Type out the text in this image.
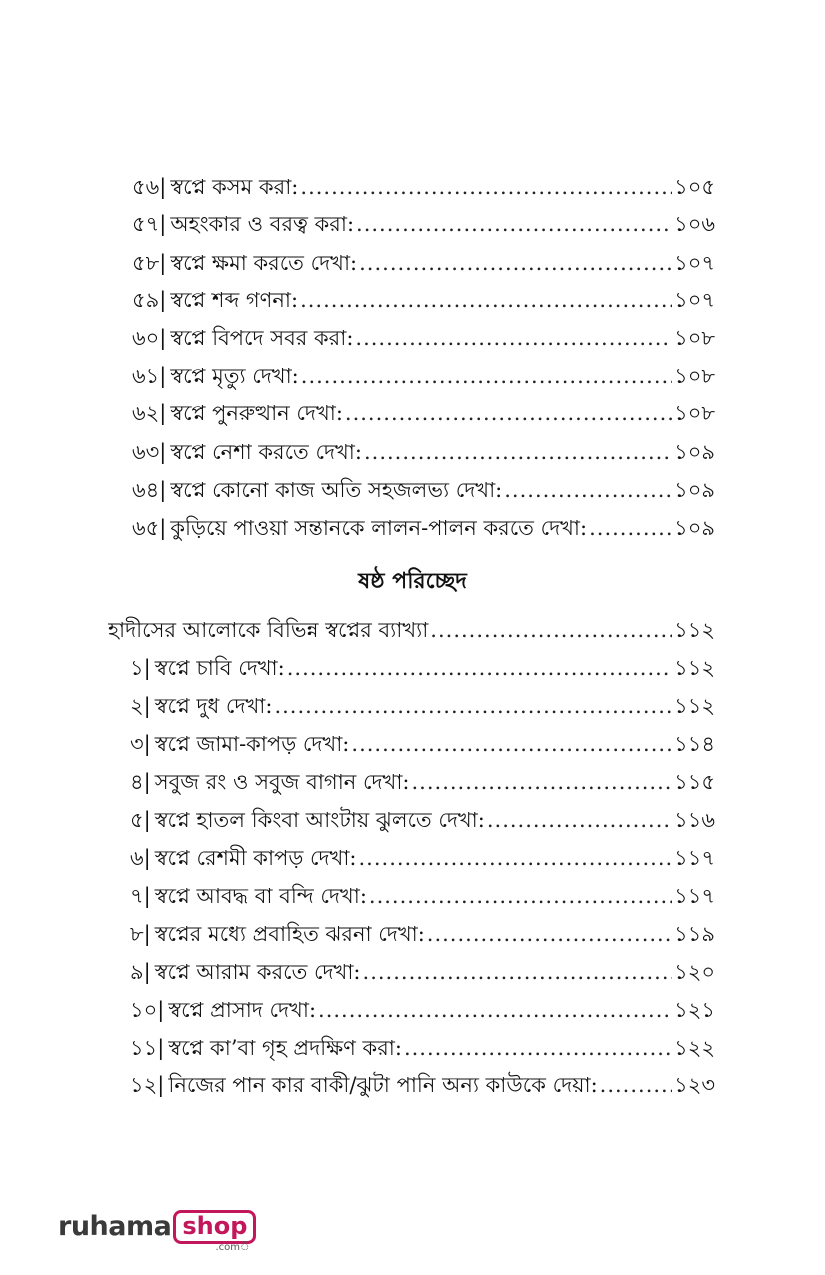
৫৬| স্বপ্নে কসম করা: .....	১০৫
৫৭| অহংকার ও বরত্ব করা: .....	১০৬
৫৮| স্বপ্নে ক্ষমা করতে দেখা: .....	১০৭
৫৯| স্বপ্নে শব্দ গণনা: .....	১০৭
৬০| স্বপ্নে বিপদে সবর করা: .....	১০৮
৬১| স্বপ্নে মৃত্যু দেখা: .....	১০৮
৬২| স্বপ্নে পুনরুত্থান দেখা: .....	১০৮
৬৩| স্বপ্নে নেশা করতে দেখা: .....	১০৯
৬৪| স্বপ্নে কোনো কাজ অতি সহজলভ্য দেখা: .....	১০৯
৬৫| কুড়িয়ে পাওয়া সন্তানকে লালন-পালন করতে দেখা: .....	১০৯
ষষ্ঠ পরিচ্ছেদ
হাদীসের আলোকে বিভিন্ন স্বপ্নের ব্যাখ্যা .....	১১২
১| স্বপ্নে চাবি দেখা: .....	১১২
২| স্বপ্নে দুধ দেখা: .....	১১২
৩| স্বপ্নে জামা-কাপড় দেখা: .....	১১৪
৪| সবুজ রং ও সবুজ বাগান দেখা: .....	১১৫
৫| স্বপ্নে হাতল কিংবা আংটায় ঝুলতে দেখা: .....	১১৬
৬| স্বপ্নে রেশমী কাপড় দেখা: .....	১১৭
৭| স্বপ্নে আবদ্ধ বা বন্দি দেখা: .....	১১৭
৮| স্বপ্নের মধ্যে প্রবাহিত ঝরনা দেখা: .....	১১৯
৯| স্বপ্নে আরাম করতে দেখা: .....	১২০
১০| স্বপ্নে প্রাসাদ দেখা: .....	১২১
১১| স্বপ্নে কা’বা গৃহ প্রদক্ষিণ করা: .....	১২২
১২| নিজের পান কার বাকী/ঝুটা পানি অন্য কাউকে দেয়া: .....	১২৩
ruhama shop
.comঁ
